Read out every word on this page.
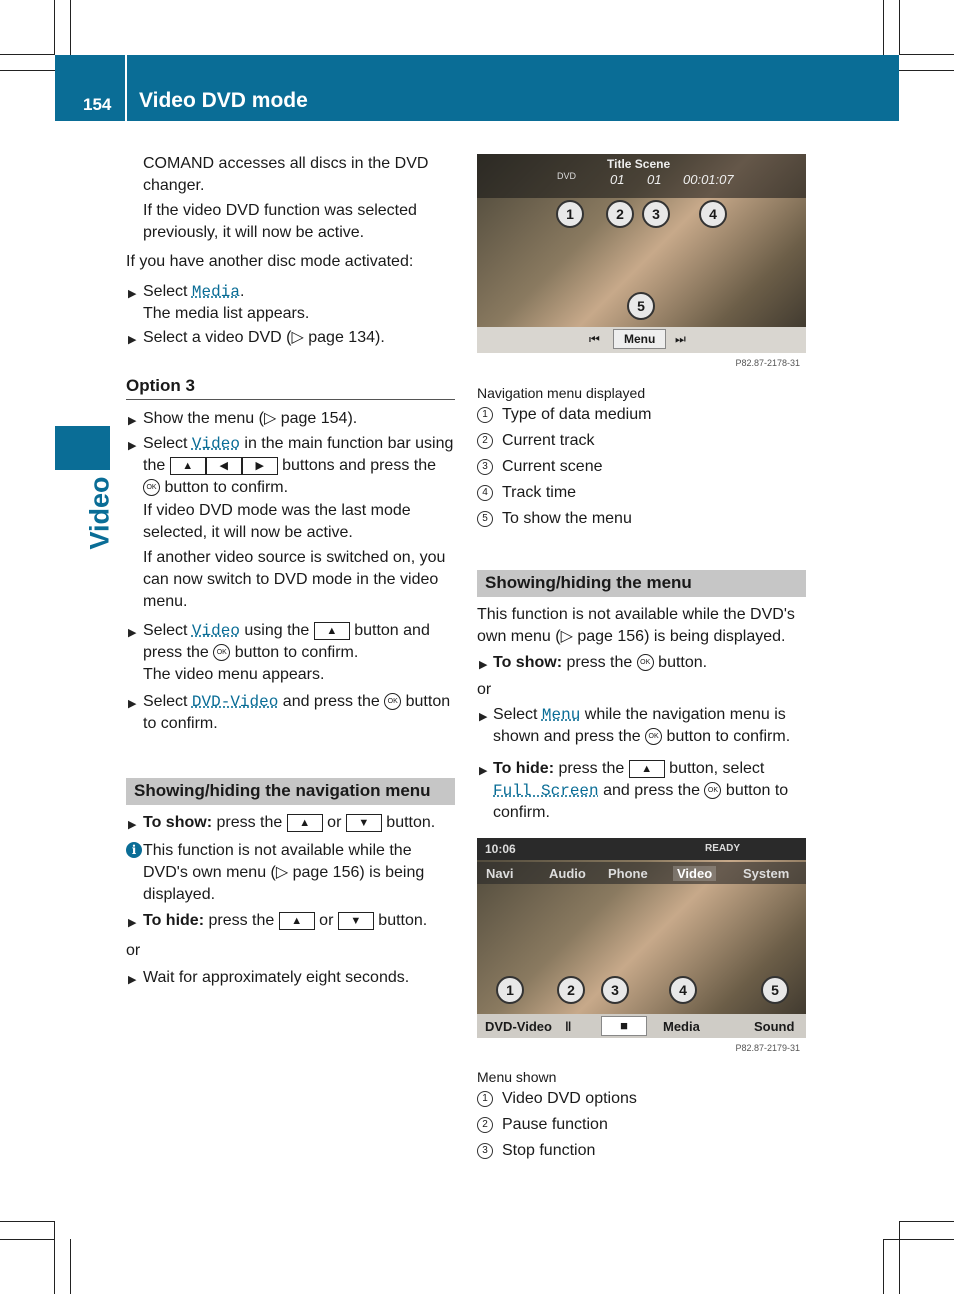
154 Video DVD mode
Video

COMAND accesses all discs in the DVD changer.

If the video DVD function was selected previously, it will now be active.

If you have another disc mode activated:
▶ Select Media.
The media list appears.
▶ Select a video DVD (▷ page 134).
Option 3
▶ Show the menu (▷ page 154).
▶ Select Video in the main function bar using
the ▲ ◀	▶ buttons and press the
OK button to confirm.

If video DVD mode was the last mode selected, it will now be active.

If another video source is switched on, you can now switch to DVD mode in the video menu.

▶ Select Video using the ▲ button and
press the OK button to confirm.
The video menu appears.
▶ Select DVD-Video and press the OK button
to confirm.
Showing/hiding the navigation menu
▶ To show: press the ▲ or ▼ button.
i This function is not available while the DVD's own menu (▷ page 156) is being displayed.
▶ To hide: press the ▲ or ▼ button.
or
▶ Wait for approximately eight seconds.
DVD
Title Scene
01 01 00:01:07
1	2	3	4
5
⏮	Menu	⏭
P82.87-2178-31
Navigation menu displayed
1 Type of data medium
2 Current track
3 Current scene
4 Track time
5 To show the menu
Showing/hiding the menu
This function is not available while the DVD's own menu (▷ page 156) is being displayed.
▶ To show: press the OK button.
or
▶ Select Menu while the navigation menu is
shown and press the OK button to confirm.
▶ To hide: press the ▲ button, select
Full Screen and press the OK button to
confirm.
10:06	READY
Navi	Audio Phone	Video	System
1	2	3	4	5
DVD-Video ‖	■	Media	Sound
P82.87-2179-31
Menu shown
1 Video DVD options
2 Pause function
3 Stop function
